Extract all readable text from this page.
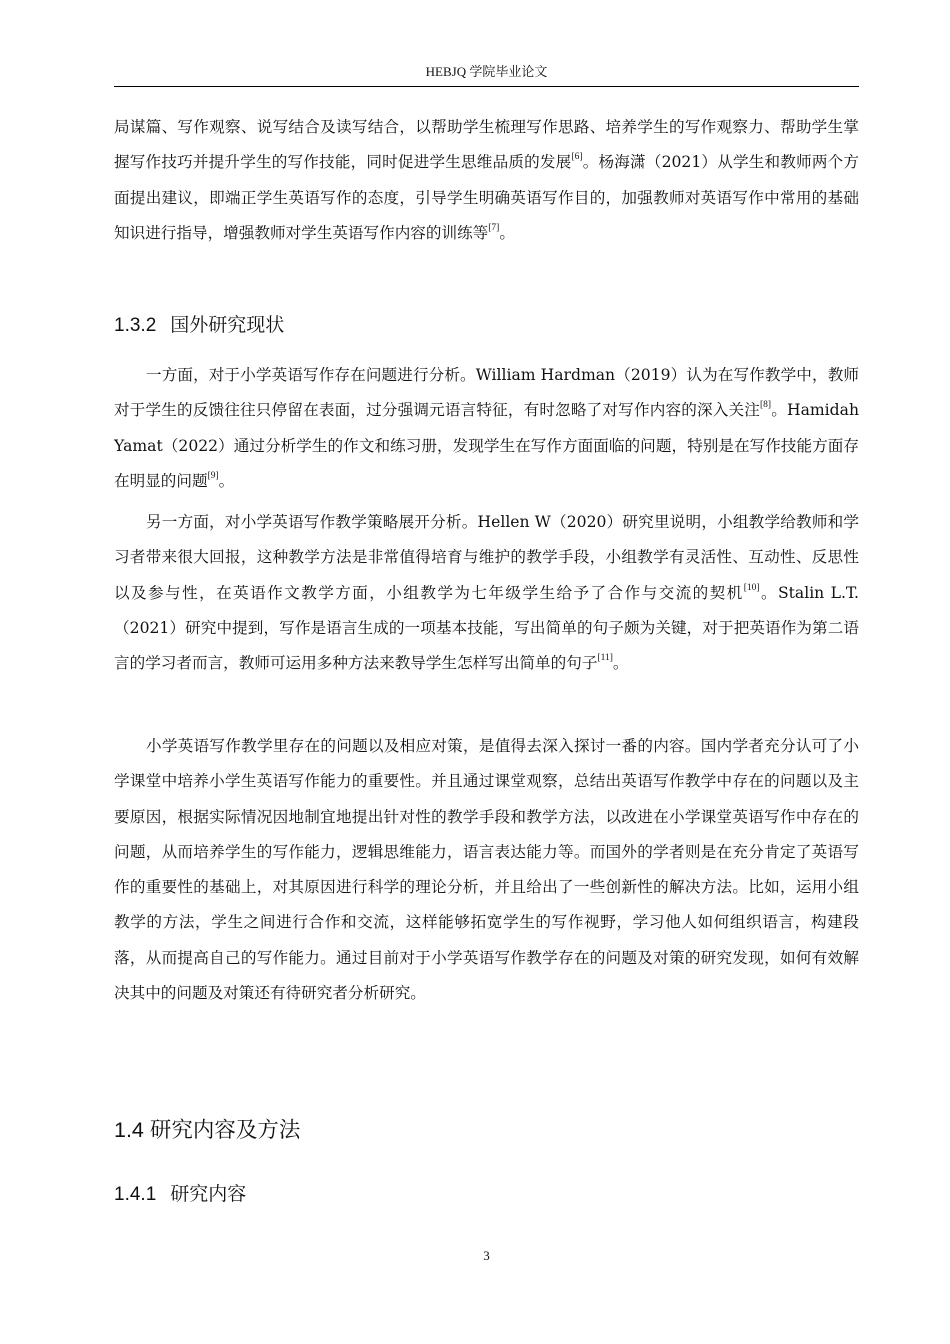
HEBJQ 学院毕业论文

局谋篇、写作观察、说写结合及读写结合，以帮助学生梳理写作思路、培养学生的写作观察力、帮助学生掌握写作技巧并提升学生的写作技能，同时促进学生思维品质的发展[6]。杨海潇（2021）从学生和教师两个方面提出建议，即端正学生英语写作的态度，引导学生明确英语写作目的，加强教师对英语写作中常用的基础知识进行指导，增强教师对学生英语写作内容的训练等[7]。

1.3.2 国外研究现状

一方面，对于小学英语写作存在问题进行分析。William Hardman（2019）认为在写作教学中，教师对于学生的反馈往往只停留在表面，过分强调元语言特征，有时忽略了对写作内容的深入关注[8]。Hamidah Yamat（2022）通过分析学生的作文和练习册，发现学生在写作方面面临的问题，特别是在写作技能方面存在明显的问题[9]。

另一方面，对小学英语写作教学策略展开分析。Hellen W（2020）研究里说明，小组教学给教师和学习者带来很大回报，这种教学方法是非常值得培育与维护的教学手段，小组教学有灵活性、互动性、反思性以及参与性，在英语作文教学方面，小组教学为七年级学生给予了合作与交流的契机[10]。Stalin L.T.（2021）研究中提到，写作是语言生成的一项基本技能，写出简单的句子颇为关键，对于把英语作为第二语言的学习者而言，教师可运用多种方法来教导学生怎样写出简单的句子[11]。

小学英语写作教学里存在的问题以及相应对策，是值得去深入探讨一番的内容。国内学者充分认可了小学课堂中培养小学生英语写作能力的重要性。并且通过课堂观察，总结出英语写作教学中存在的问题以及主要原因，根据实际情况因地制宜地提出针对性的教学手段和教学方法，以改进在小学课堂英语写作中存在的问题，从而培养学生的写作能力，逻辑思维能力，语言表达能力等。而国外的学者则是在充分肯定了英语写作的重要性的基础上，对其原因进行科学的理论分析，并且给出了一些创新性的解决方法。比如，运用小组教学的方法，学生之间进行合作和交流，这样能够拓宽学生的写作视野，学习他人如何组织语言，构建段落，从而提高自己的写作能力。通过目前对于小学英语写作教学存在的问题及对策的研究发现，如何有效解决其中的问题及对策还有待研究者分析研究。

1.4 研究内容及方法
1.4.1 研究内容
3
